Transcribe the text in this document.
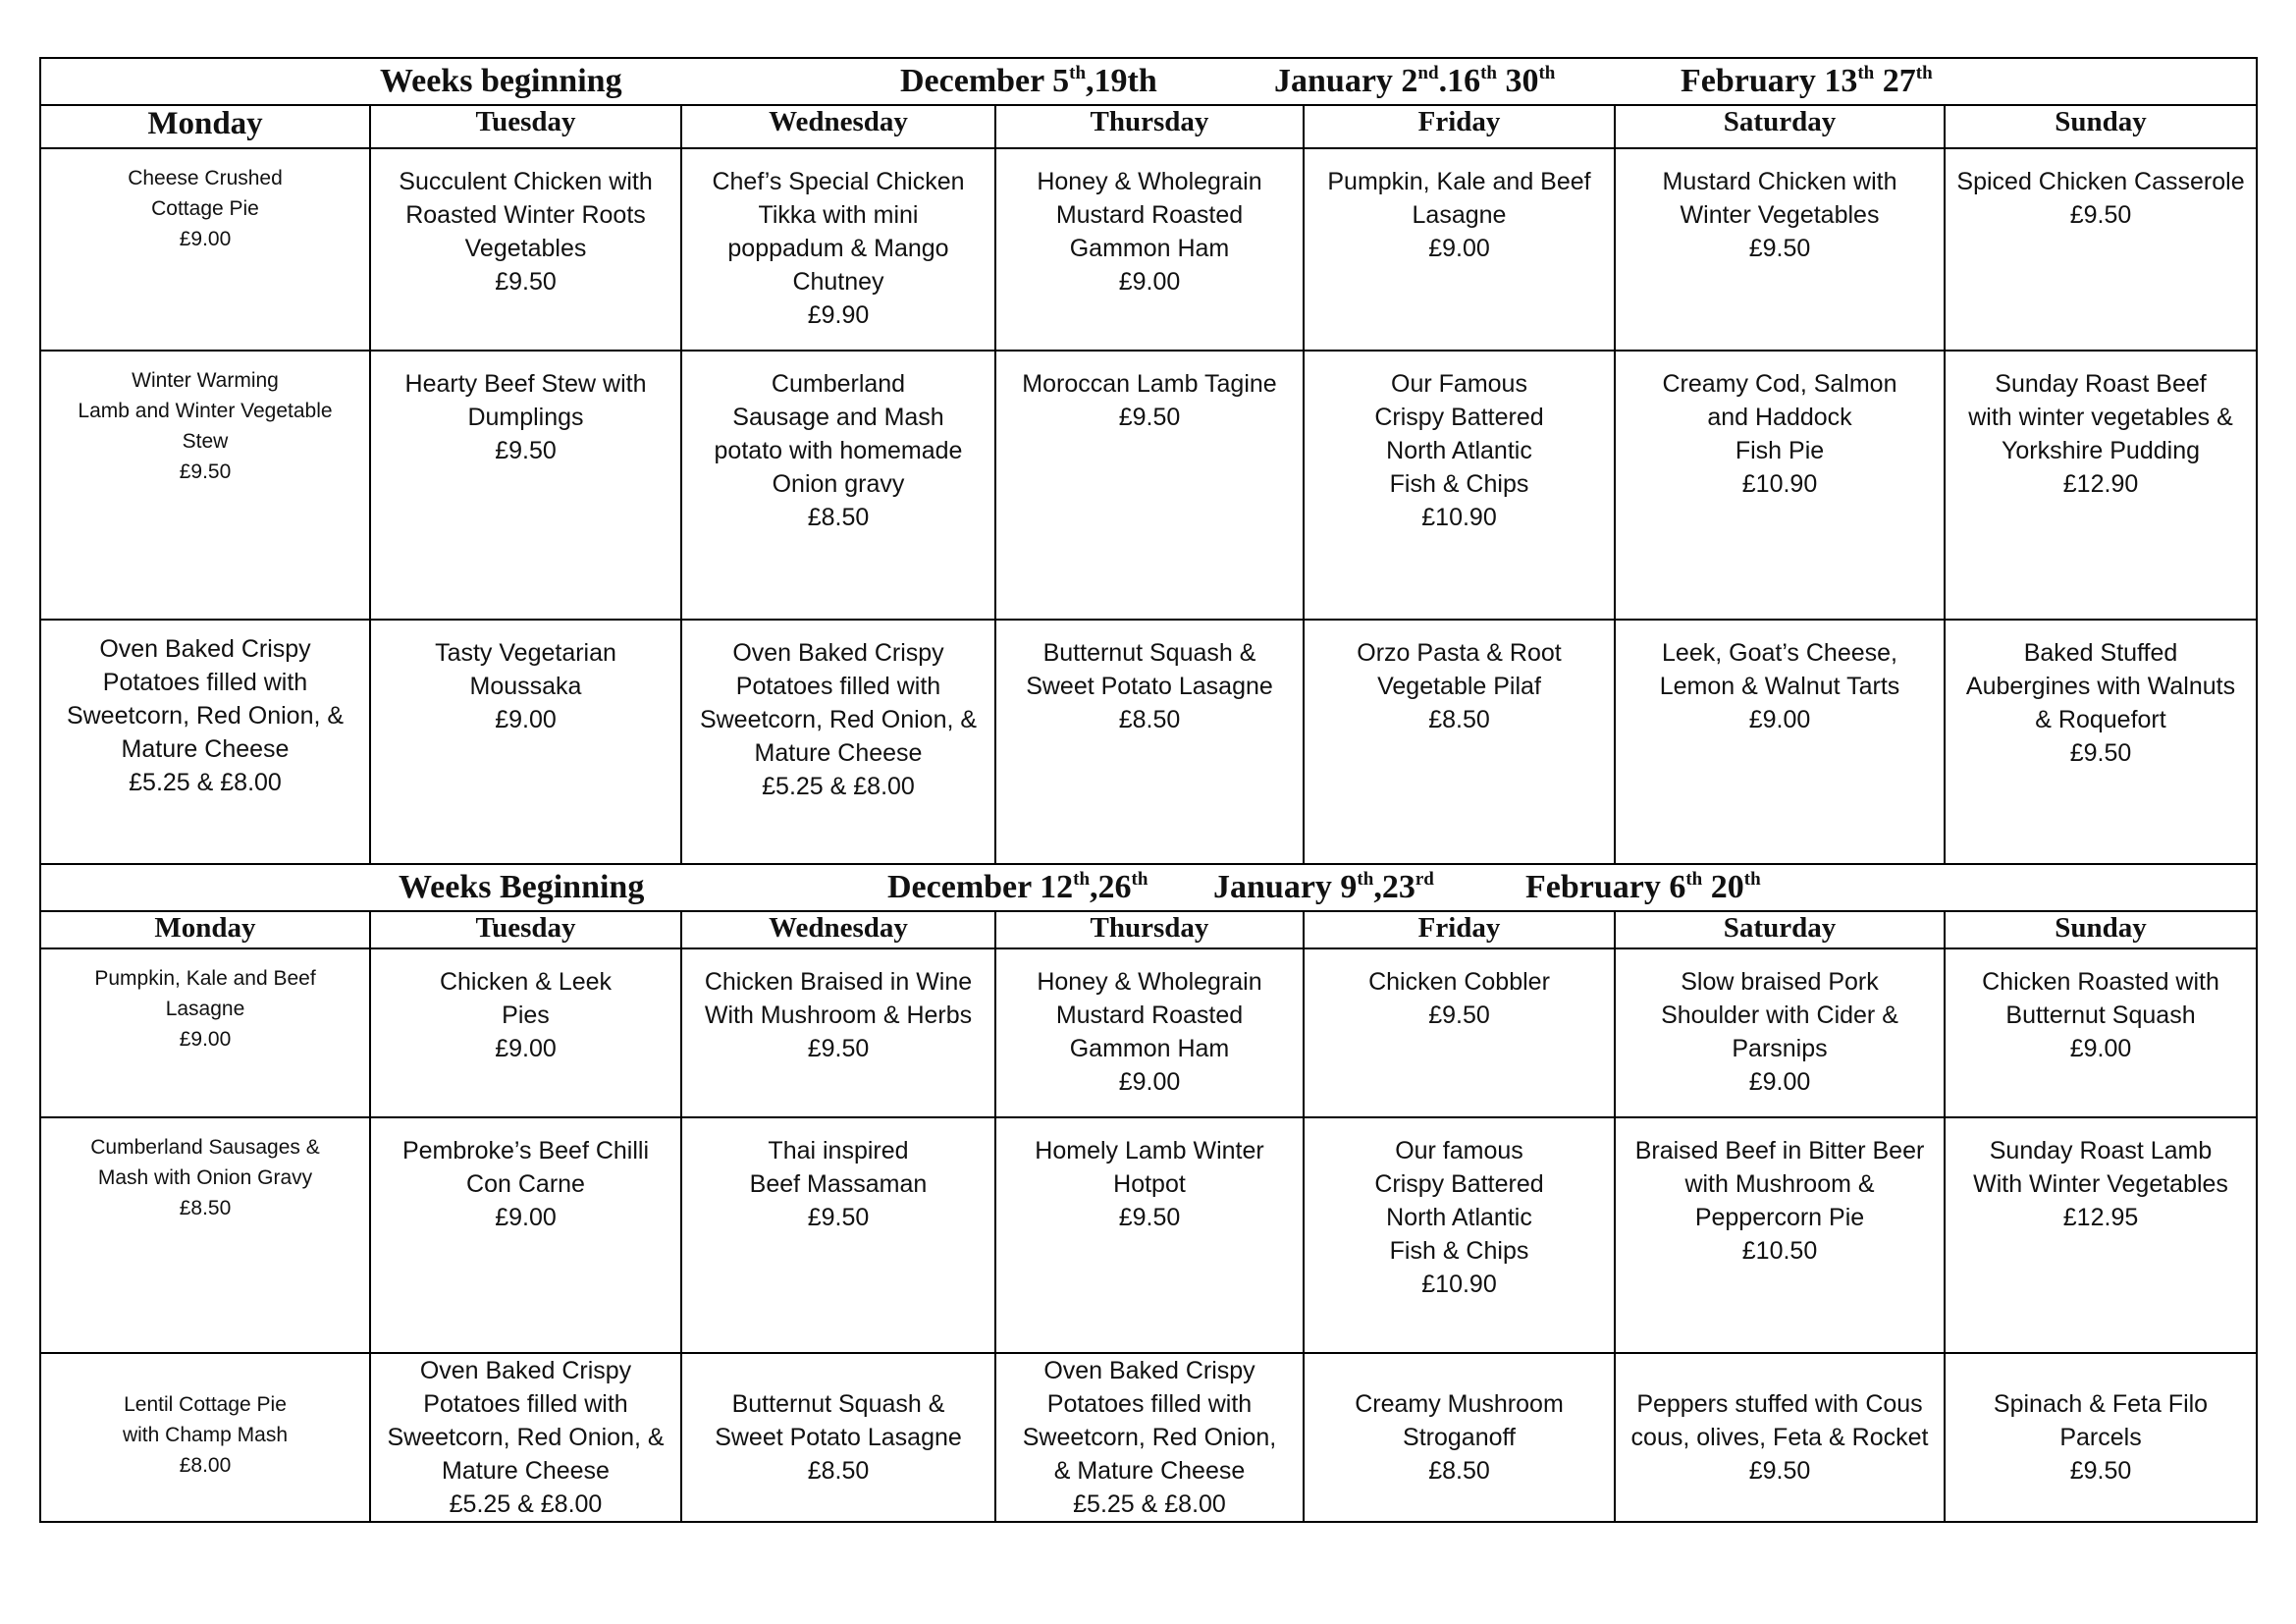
Weeks beginning December 5th,19th January 2nd.16th 30th February 13th 27th

Monday	Tuesday	Wednesday	Thursday	Friday	Saturday	Sunday

Cheese Crushed
Cottage Pie
£9.00	Succulent Chicken with
Roasted Winter Roots
Vegetables
£9.50	Chef’s Special Chicken
Tikka with mini
poppadum & Mango
Chutney
£9.90	Honey & Wholegrain
Mustard Roasted
Gammon Ham
£9.00	Pumpkin, Kale and Beef
Lasagne
£9.00	Mustard Chicken with
Winter Vegetables
£9.50	Spiced Chicken Casserole
£9.50

Winter Warming
Lamb and Winter Vegetable
Stew
£9.50	Hearty Beef Stew with
Dumplings
£9.50	Cumberland
Sausage and Mash
potato with homemade
Onion gravy
£8.50	Moroccan Lamb Tagine
£9.50	Our Famous
Crispy Battered
North Atlantic
Fish & Chips
£10.90	Creamy Cod, Salmon
and Haddock
Fish Pie
£10.90	Sunday Roast Beef
with winter vegetables &
Yorkshire Pudding
£12.90

Oven Baked Crispy
Potatoes filled with
Sweetcorn, Red Onion, &
Mature Cheese
£5.25 & £8.00	Tasty Vegetarian
Moussaka
£9.00	Oven Baked Crispy
Potatoes filled with
Sweetcorn, Red Onion, &
Mature Cheese
£5.25 & £8.00	Butternut Squash &
Sweet Potato Lasagne
£8.50	Orzo Pasta & Root
Vegetable Pilaf
£8.50	Leek, Goat’s Cheese,
Lemon & Walnut Tarts
£9.00	Baked Stuffed
Aubergines with Walnuts
& Roquefort
£9.50

Weeks Beginning December 12th,26th January 9th,23rd February 6th 20th

Monday	Tuesday	Wednesday	Thursday	Friday	Saturday	Sunday

Pumpkin, Kale and Beef
Lasagne
£9.00	Chicken & Leek
Pies
£9.00	Chicken Braised in Wine
With Mushroom & Herbs
£9.50	Honey & Wholegrain
Mustard Roasted
Gammon Ham
£9.00	Chicken Cobbler
£9.50	Slow braised Pork
Shoulder with Cider &
Parsnips
£9.00	Chicken Roasted with
Butternut Squash
£9.00

Cumberland Sausages &
Mash with Onion Gravy
£8.50	Pembroke’s Beef Chilli
Con Carne
£9.00	Thai inspired
Beef Massaman
£9.50	Homely Lamb Winter
Hotpot
£9.50	Our famous
Crispy Battered
North Atlantic
Fish & Chips
£10.90	Braised Beef in Bitter Beer
with Mushroom &
Peppercorn Pie
£10.50	Sunday Roast Lamb
With Winter Vegetables
£12.95

Lentil Cottage Pie
with Champ Mash
£8.00	Oven Baked Crispy
Potatoes filled with
Sweetcorn, Red Onion, &
Mature Cheese
£5.25 & £8.00	Butternut Squash &
Sweet Potato Lasagne
£8.50	Oven Baked Crispy
Potatoes filled with
Sweetcorn, Red Onion,
& Mature Cheese
£5.25 & £8.00	Creamy Mushroom
Stroganoff
£8.50	Peppers stuffed with Cous
cous, olives, Feta & Rocket
£9.50	Spinach & Feta Filo
Parcels
£9.50
